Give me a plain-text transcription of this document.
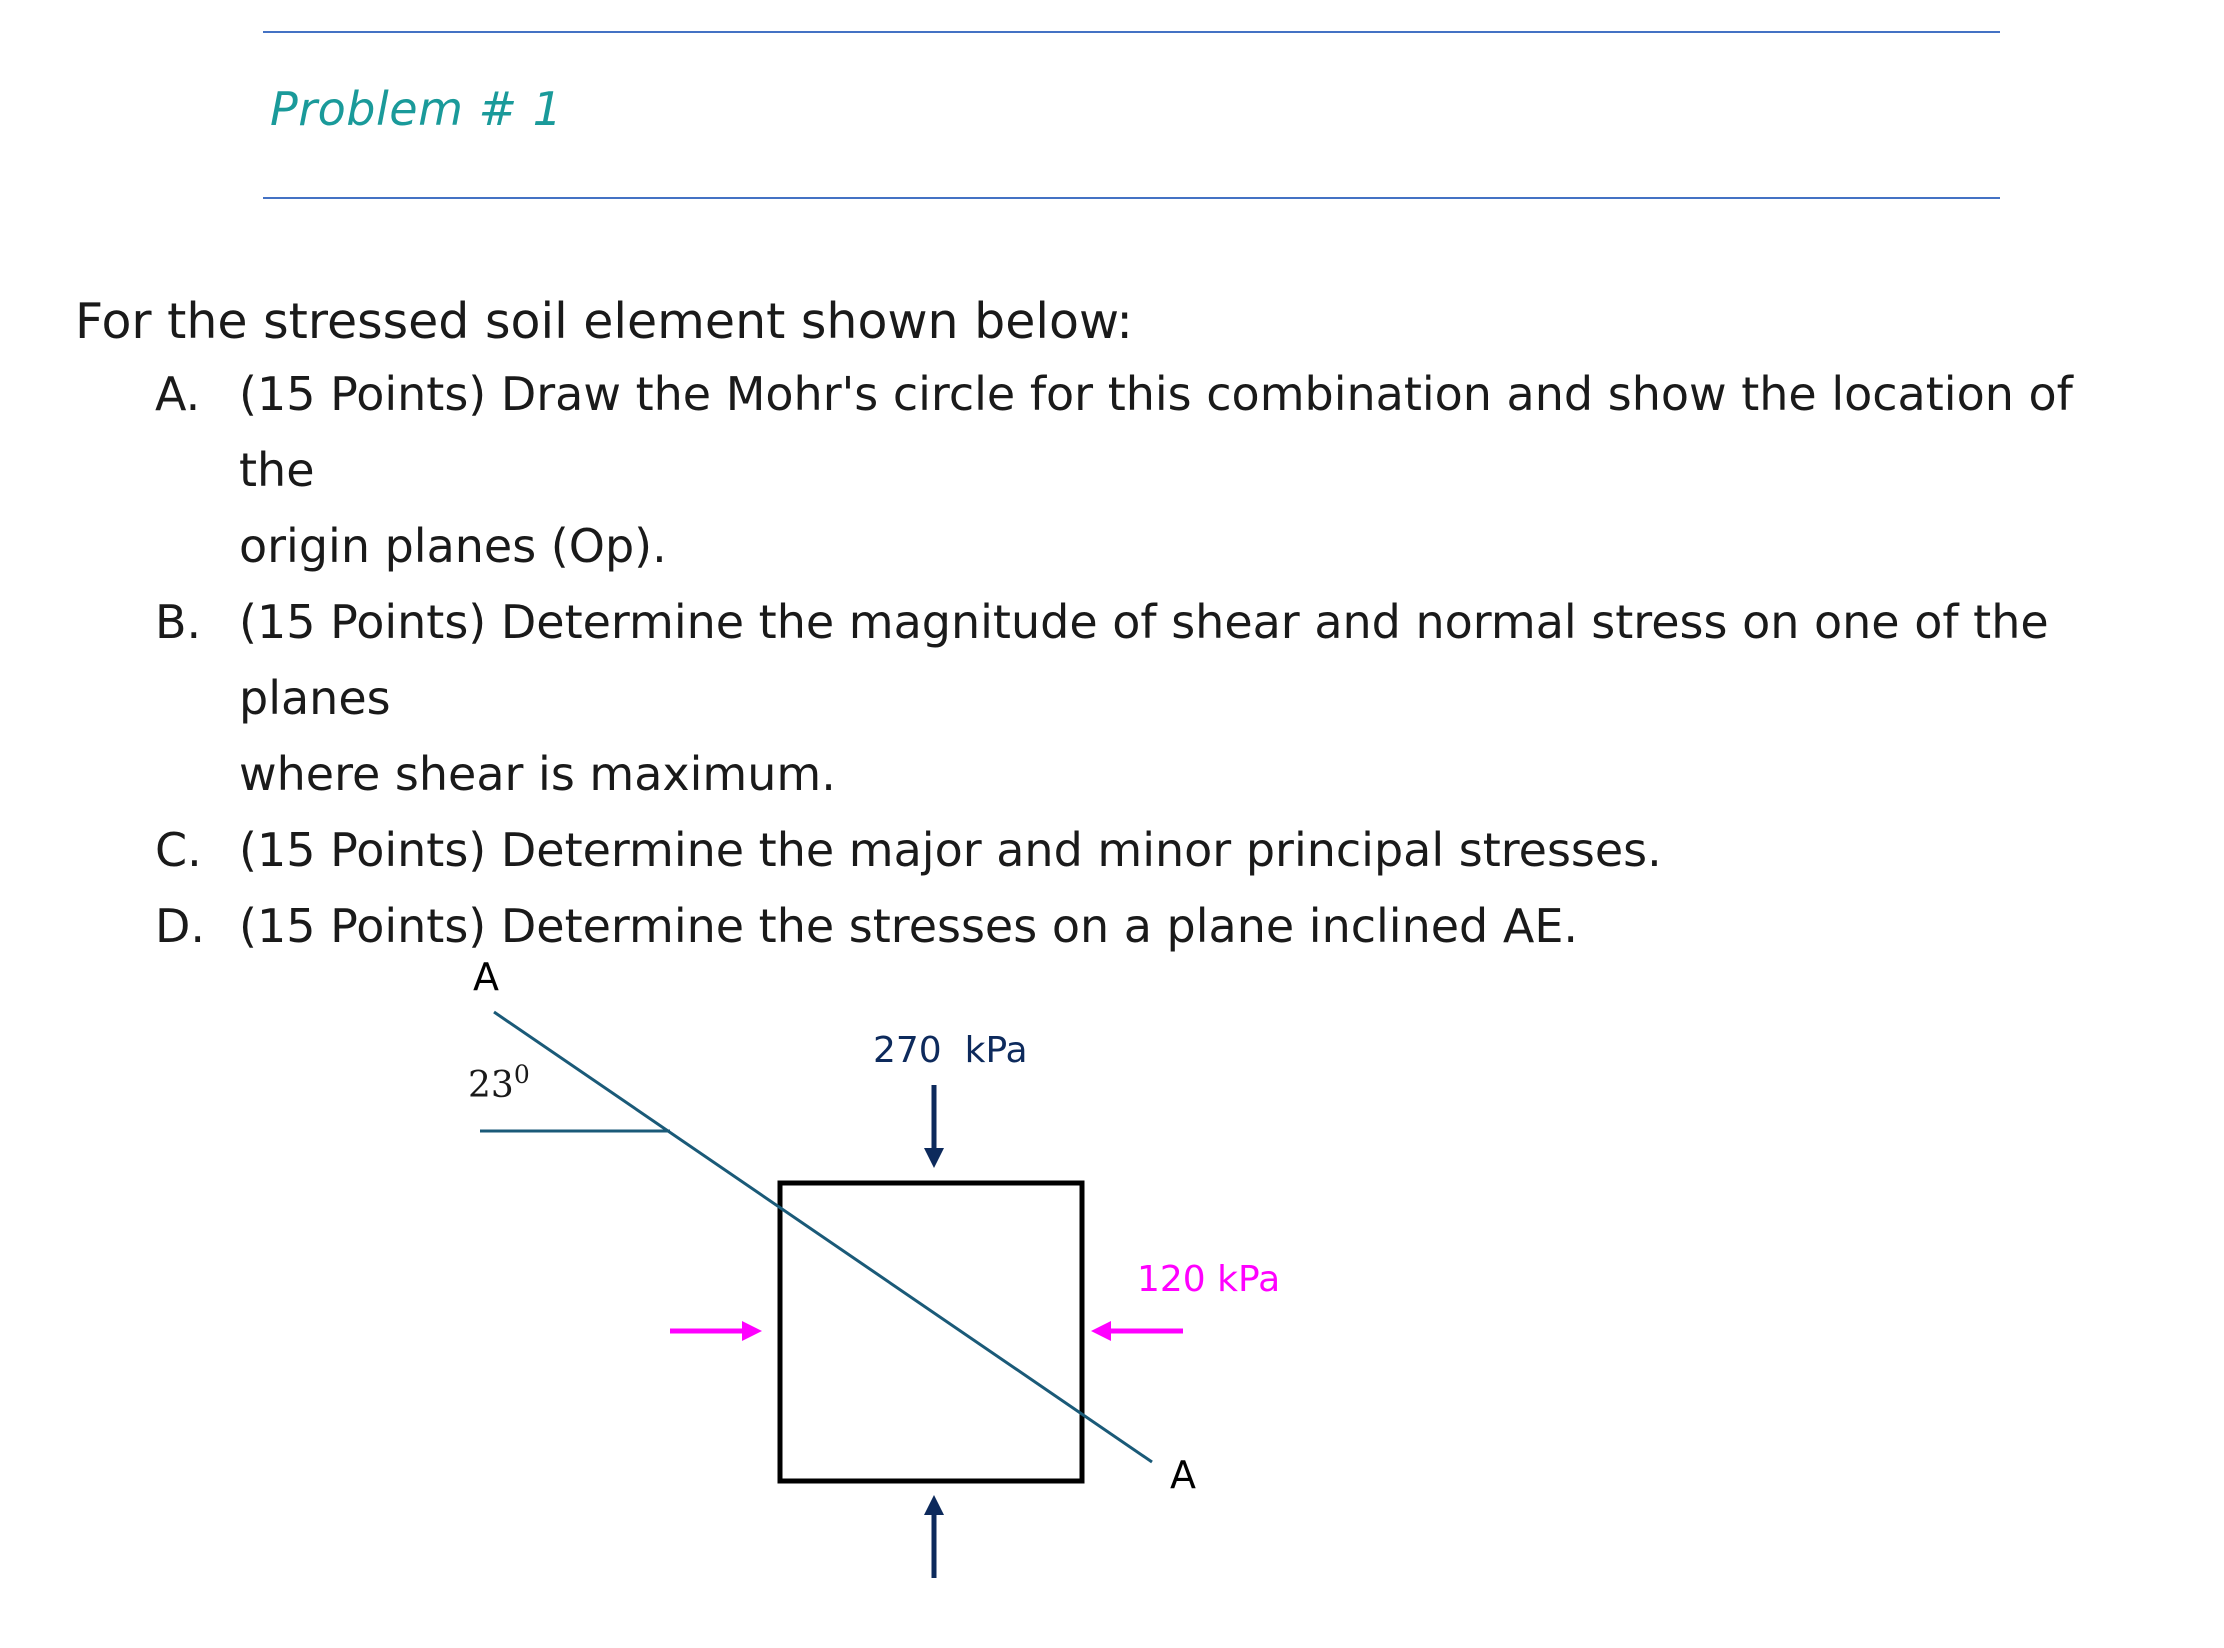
Problem # 1
For the stressed soil element shown below:
A. (15 Points) Draw the Mohr's circle for this combination and show the location of the
origin planes (Op).
B. (15 Points) Determine the magnitude of shear and normal stress on one of the planes
where shear is maximum.
C. (15 Points) Determine the major and minor principal stresses.
D. (15 Points) Determine the stresses on a plane inclined AE.
A
A
$23^0$
270  kPa
120 kPa
